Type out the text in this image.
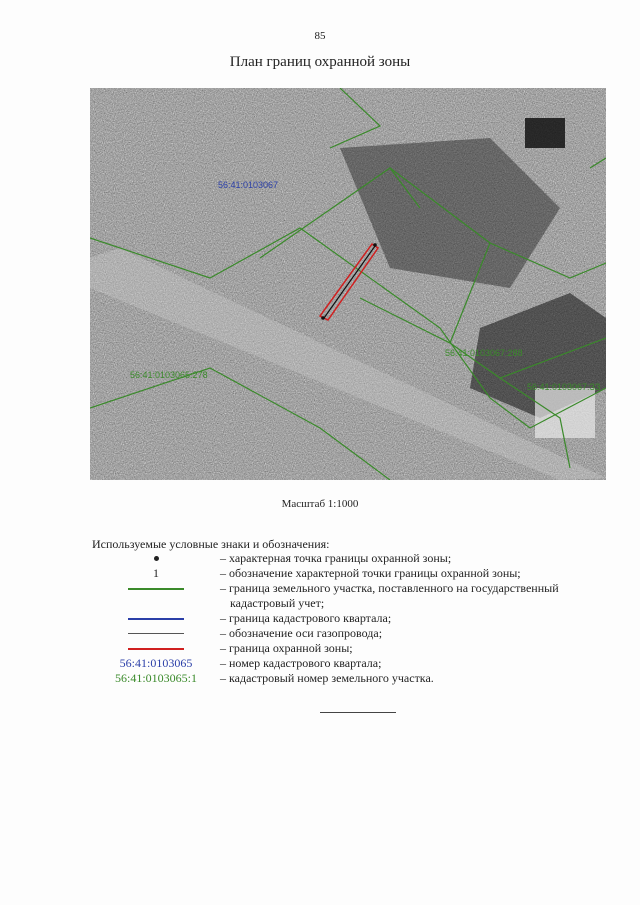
85
План границ охранной зоны
56:41:0103067
56:41:0103065:278
56:41:0103067:288
56:41:0103067:ЗЗ
Масштаб 1:1000
Используемые условные знаки и обозначения:
– характерная точка границы охранной зоны;
1	– обозначение характерной точки границы охранной зоны;
– граница земельного участка, поставленного на государственный
кадастровый учет;
– граница кадастрового квартала;
– обозначение оси газопровода;
– граница охранной зоны;
56:41:0103065 – номер кадастрового квартала;
56:41:0103065:1 – кадастровый номер земельного участка.
